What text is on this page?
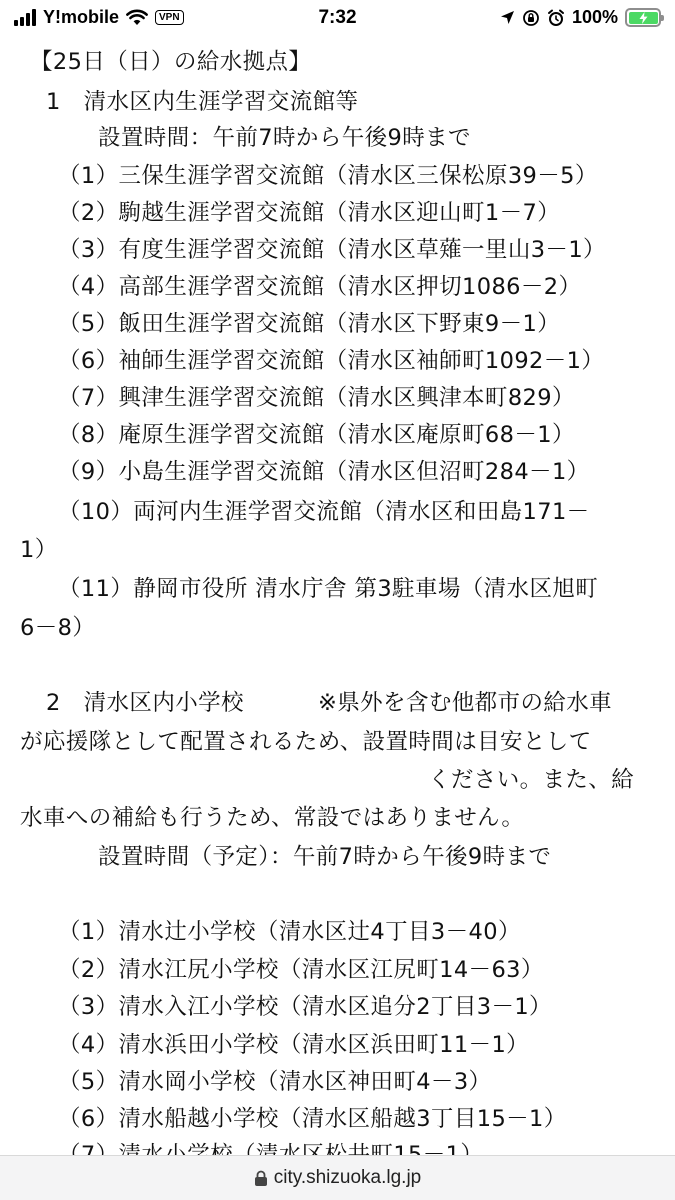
Y!mobile	VPN	7:32	100%
【25日（日）の給水拠点】
1　清水区内生涯学習交流館等
設置時間：午前7時から午後9時まで
（1）三保生涯学習交流館（清水区三保松原39－5）
（2）駒越生涯学習交流館（清水区迎山町1－7）
（3）有度生涯学習交流館（清水区草薙一里山3－1）
（4）高部生涯学習交流館（清水区押切1086－2）
（5）飯田生涯学習交流館（清水区下野東9－1）
（6）袖師生涯学習交流館（清水区袖師町1092－1）
（7）興津生涯学習交流館（清水区興津本町829）
（8）庵原生涯学習交流館（清水区庵原町68－1）
（9）小島生涯学習交流館（清水区但沼町284－1）
（10）両河内生涯学習交流館（清水区和田島171－
1）
（11）静岡市役所 清水庁舎 第3駐車場（清水区旭町
6－8）
2　清水区内小学校	※県外を含む他都市の給水車
が応援隊として配置されるため、設置時間は目安として
ください。また、給
水車への補給も行うため、常設ではありません。
設置時間（予定）：午前7時から午後9時まで
（1）清水辻小学校（清水区辻4丁目3－40）
（2）清水江尻小学校（清水区江尻町14－63）
（3）清水入江小学校（清水区追分2丁目3－1）
（4）清水浜田小学校（清水区浜田町11－1）
（5）清水岡小学校（清水区神田町4－3）
（6）清水船越小学校（清水区船越3丁目15－1）
city.shizuoka.lg.jp
